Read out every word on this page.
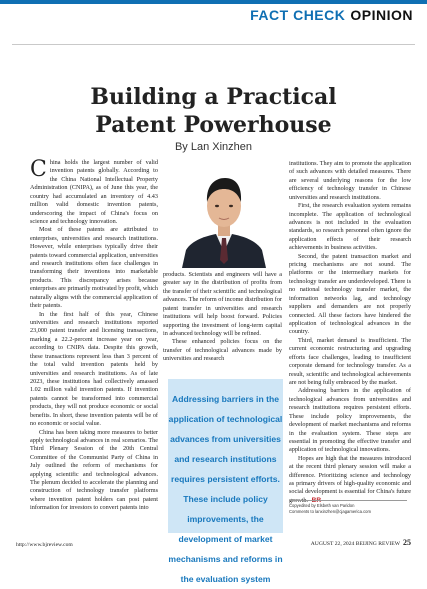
FACT CHECK OPINION
Building a Practical
Patent Powerhouse
By Lan Xinzhen

China holds the largest number of valid invention patents globally. According to the China National Intellectual Property Administration (CNIPA), as of June this year, the country had accumulated an inventory of 4.43 million valid domestic invention patents, underscoring the impact of China's focus on science and technology innovation.

Most of these patents are attributed to enterprises, universities and research institutions. However, while enterprises typically drive their patents toward commercial application, universities and research institutions often face challenges in transforming their inventions into marketable products. This discrepancy arises because enterprises are primarily motivated by profit, which naturally aligns with the commercial application of their patents.

In the first half of this year, Chinese universities and research institutions reported 23,000 patent transfer and licensing transactions, marking a 22.2-percent increase year on year, according to CNIPA data. Despite this growth, these transactions represent less than 3 percent of the total valid invention patents held by universities and research institutions. As of late 2023, these institutions had collectively amassed 1.02 million valid invention patents. If invention patents cannot be transformed into commercial products, they will not produce economic or social benefits. In short, these invention patents will be of no economic or social value.

China has been taking more measures to better apply technological advances in real scenarios. The Third Plenary Session of the 20th Central Committee of the Communist Party of China in July outlined the reform of mechanisms for applying scientific and technological advances. The plenum decided to accelerate the planning and construction of technology transfer platforms where invention patent holders can post patent information for investors to convert patents into

products. Scientists and engineers will have a greater say in the distribution of profits from the transfer of their scientific and technological advances. The reform of income distribution for patent transfer in universities and research institutions will help boost forward. Policies supporting the investment of long-term capital in advanced technology will be refined.

These enhanced policies focus on the transfer of technological advances made by universities and research

Addressing barriers in the application of technological advances from universities and research institutions requires persistent efforts. These include policy improvements, the development of market mechanisms and reforms in the evaluation system

institutions. They aim to promote the application of such advances with detailed measures. There are several underlying reasons for the low efficiency of technology transfer in Chinese universities and research institutions.

First, the research evaluation system remains incomplete. The application of technological advances is not included in the evaluation standards, so research personnel often ignore the application effects of their research achievements in business activities.

Second, the patent transaction market and pricing mechanisms are not sound. The platforms or the intermediary markets for technology transfer are underdeveloped. There is no national technology transfer market, the information networks lag, and technology suppliers and demanders are not properly connected. All these factors have hindered the application of technological advances in the country.

Third, market demand is insufficient. The current economic restructuring and upgrading efforts face challenges, leading to insufficient corporate demand for technology transfer. As a result, scientific and technological achievements are not being fully embraced by the market.

Addressing barriers in the application of technological advances from universities and research institutions requires persistent efforts. These include policy improvements, the development of market mechanisms and reforms in the evaluation system. These steps are essential in promoting the effective transfer and application of technological innovations.

Hopes are high that the measures introduced at the recent third plenary session will make a difference. Prioritizing science and technology as primary drivers of high-quality economic and social development is essential for China's future

Copyedited by Elsbeth van Paridon
Comments to lanxinzhen@cjagamerica.com
http://www.bjreview.com	AUGUST 22, 2024 BEIJING REVIEW 25
